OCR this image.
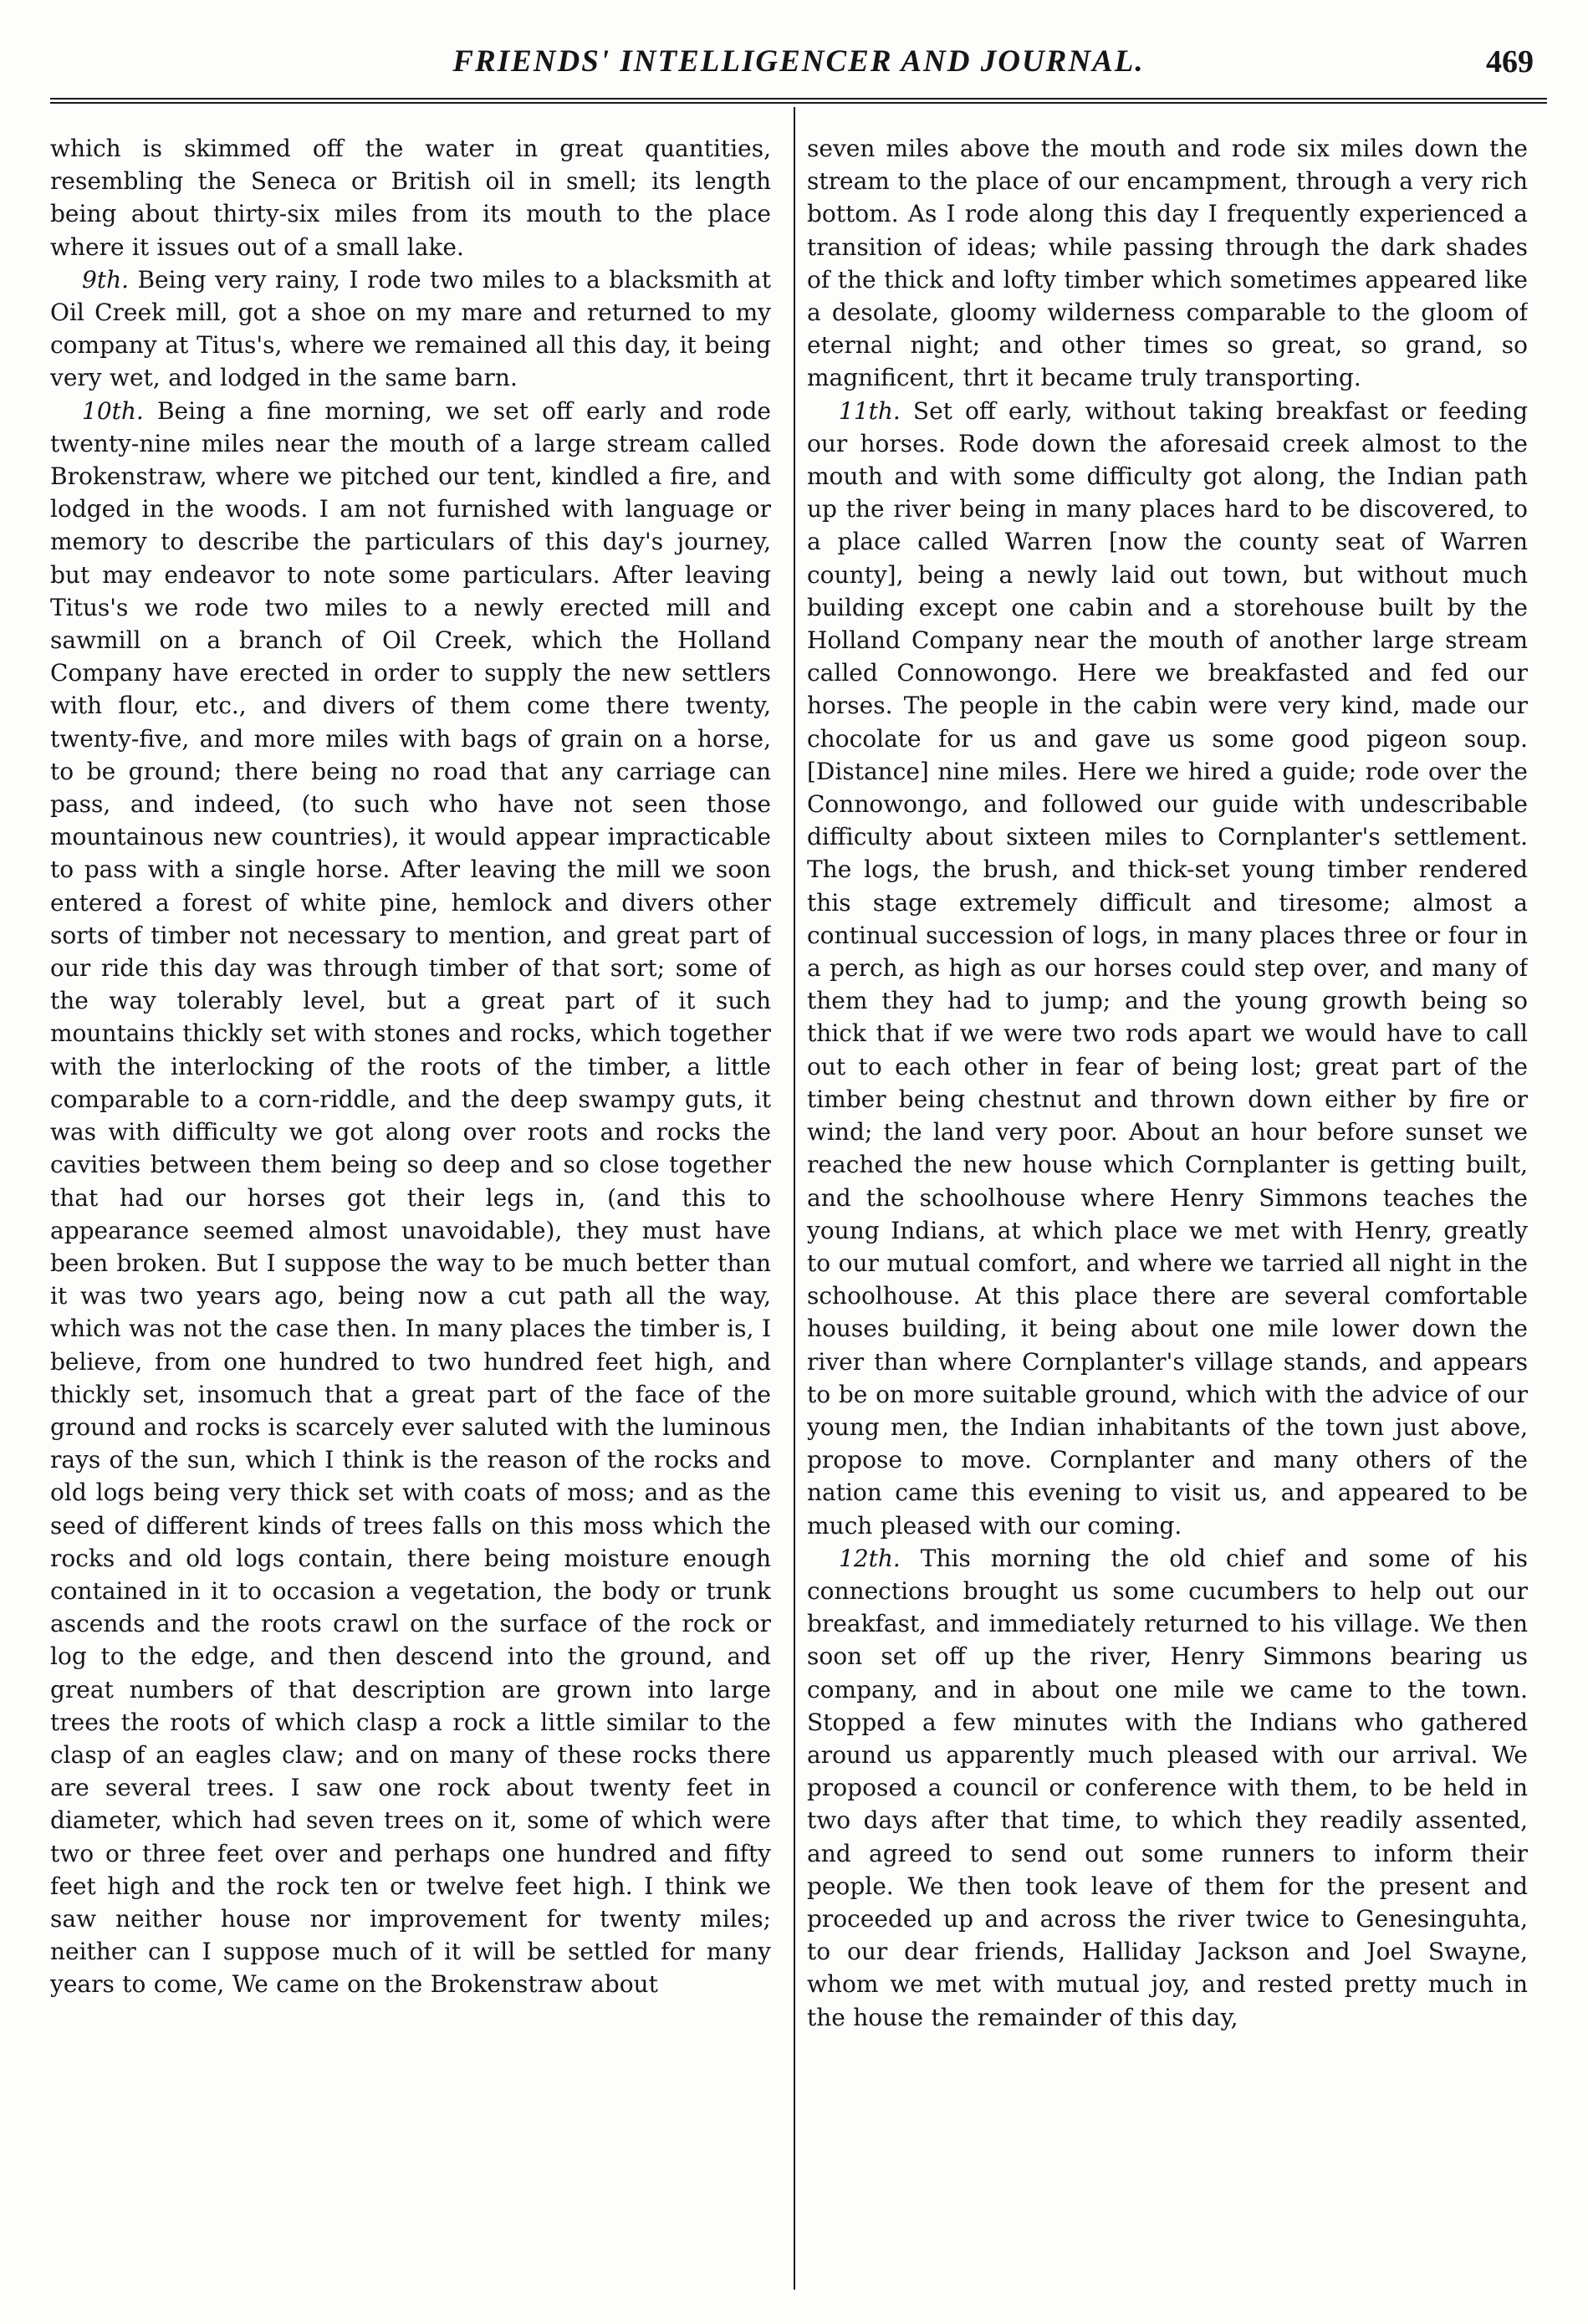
FRIENDS' INTELLIGENCER AND JOURNAL.	469

which is skimmed off the water in great quantities, resembling the Seneca or British oil in smell; its length being about thirty-six miles from its mouth to the place where it issues out of a small lake.

9th. Being very rainy, I rode two miles to a blacksmith at Oil Creek mill, got a shoe on my mare and returned to my company at Titus's, where we remained all this day, it being very wet, and lodged in the same barn.

10th. Being a fine morning, we set off early and rode twenty-nine miles near the mouth of a large stream called Brokenstraw, where we pitched our tent, kindled a fire, and lodged in the woods. I am not furnished with language or memory to describe the particulars of this day's journey, but may endeavor to note some particulars. After leaving Titus's we rode two miles to a newly erected mill and sawmill on a branch of Oil Creek, which the Holland Company have erected in order to supply the new settlers with flour, etc., and divers of them come there twenty, twenty-five, and more miles with bags of grain on a horse, to be ground; there being no road that any carriage can pass, and indeed, (to such who have not seen those mountainous new countries), it would appear impracticable to pass with a single horse. After leaving the mill we soon entered a forest of white pine, hemlock and divers other sorts of timber not necessary to mention, and great part of our ride this day was through timber of that sort; some of the way tolerably level, but a great part of it such mountains thickly set with stones and rocks, which together with the interlocking of the roots of the timber, a little comparable to a corn-riddle, and the deep swampy guts, it was with difficulty we got along over roots and rocks the cavities between them being so deep and so close together that had our horses got their legs in, (and this to appearance seemed almost unavoidable), they must have been broken. But I suppose the way to be much better than it was two years ago, being now a cut path all the way, which was not the case then. In many places the timber is, I believe, from one hundred to two hundred feet high, and thickly set, insomuch that a great part of the face of the ground and rocks is scarcely ever saluted with the luminous rays of the sun, which I think is the reason of the rocks and old logs being very thick set with coats of moss; and as the seed of different kinds of trees falls on this moss which the rocks and old logs contain, there being moisture enough contained in it to occasion a vegetation, the body or trunk ascends and the roots crawl on the surface of the rock or log to the edge, and then descend into the ground, and great numbers of that description are grown into large trees the roots of which clasp a rock a little similar to the clasp of an eagles claw; and on many of these rocks there are several trees. I saw one rock about twenty feet in diameter, which had seven trees on it, some of which were two or three feet over and perhaps one hundred and fifty feet high and the rock ten or twelve feet high. I think we saw neither house nor improvement for twenty miles; neither can I suppose much of it will be settled for many years to come, We came on the Brokenstraw about

seven miles above the mouth and rode six miles down the stream to the place of our encampment, through a very rich bottom. As I rode along this day I frequently experienced a transition of ideas; while passing through the dark shades of the thick and lofty timber which sometimes appeared like a desolate, gloomy wilderness comparable to the gloom of eternal night; and other times so great, so grand, so magnificent, thrt it became truly transporting.

11th. Set off early, without taking breakfast or feeding our horses. Rode down the aforesaid creek almost to the mouth and with some difficulty got along, the Indian path up the river being in many places hard to be discovered, to a place called Warren [now the county seat of Warren county], being a newly laid out town, but without much building except one cabin and a storehouse built by the Holland Company near the mouth of another large stream called Connowongo. Here we breakfasted and fed our horses. The people in the cabin were very kind, made our chocolate for us and gave us some good pigeon soup. [Distance] nine miles. Here we hired a guide; rode over the Connowongo, and followed our guide with undescribable difficulty about sixteen miles to Cornplanter's settlement. The logs, the brush, and thick-set young timber rendered this stage extremely difficult and tiresome; almost a continual succession of logs, in many places three or four in a perch, as high as our horses could step over, and many of them they had to jump; and the young growth being so thick that if we were two rods apart we would have to call out to each other in fear of being lost; great part of the timber being chestnut and thrown down either by fire or wind; the land very poor. About an hour before sunset we reached the new house which Cornplanter is getting built, and the schoolhouse where Henry Simmons teaches the young Indians, at which place we met with Henry, greatly to our mutual comfort, and where we tarried all night in the schoolhouse. At this place there are several comfortable houses building, it being about one mile lower down the river than where Cornplanter's village stands, and appears to be on more suitable ground, which with the advice of our young men, the Indian inhabitants of the town just above, propose to move. Cornplanter and many others of the nation came this evening to visit us, and appeared to be much pleased with our coming.

12th. This morning the old chief and some of his connections brought us some cucumbers to help out our breakfast, and immediately returned to his village. We then soon set off up the river, Henry Simmons bearing us company, and in about one mile we came to the town. Stopped a few minutes with the Indians who gathered around us apparently much pleased with our arrival. We proposed a council or conference with them, to be held in two days after that time, to which they readily assented, and agreed to send out some runners to inform their people. We then took leave of them for the present and proceeded up and across the river twice to Genesinguhta, to our dear friends, Halliday Jackson and Joel Swayne, whom we met with mutual joy, and rested pretty much in the house the remainder of this day,
